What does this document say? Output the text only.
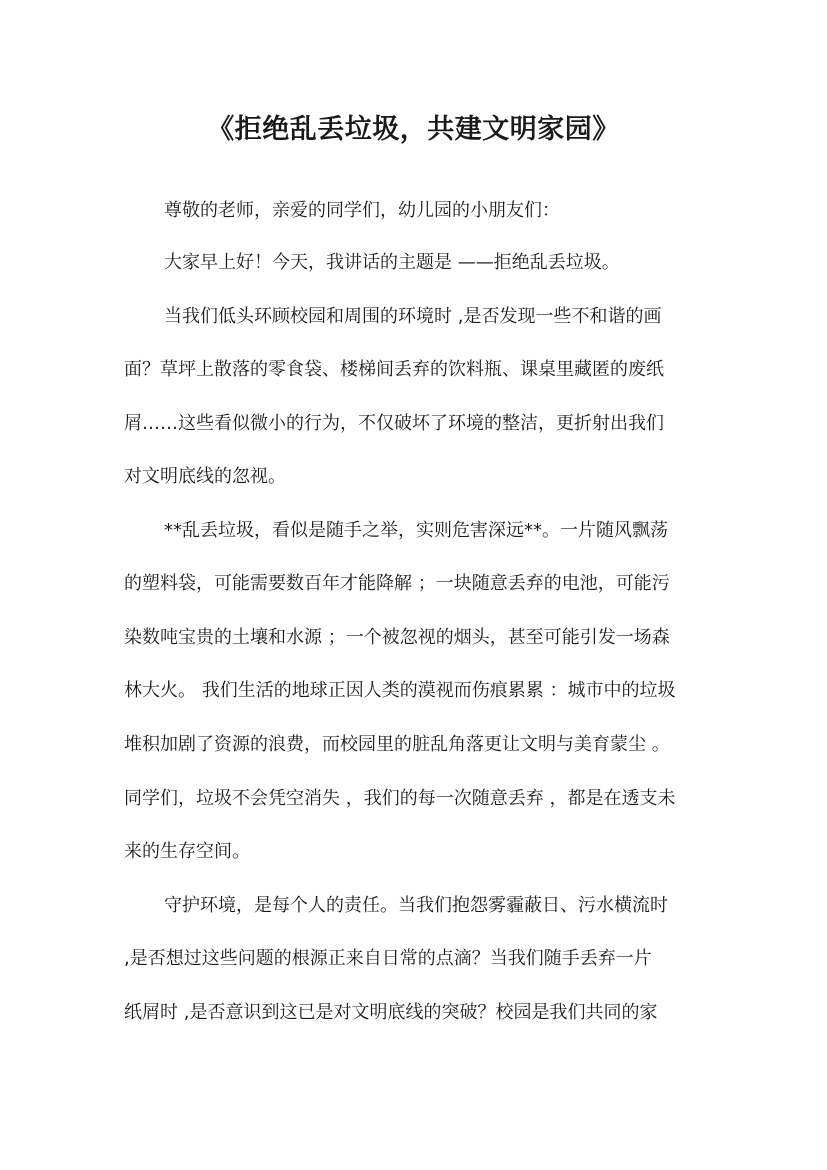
《拒绝乱丢垃圾，共建文明家园》

尊敬的老师，亲爱的同学们，幼儿园的小朋友们：

大家早上好！今天，我讲话的主题是 ——拒绝乱丢垃圾。

当我们低头环顾校园和周围的环境时 ,是否发现一些不和谐的画

面？草坪上散落的零食袋、楼梯间丢弃的饮料瓶、课桌里藏匿的废纸

屑……这些看似微小的行为，不仅破坏了环境的整洁，更折射出我们

对文明底线的忽视。

**乱丢垃圾，看似是随手之举，实则危害深远**。一片随风飘荡

的塑料袋，可能需要数百年才能降解 ；一块随意丢弃的电池，可能污

染数吨宝贵的土壤和水源 ；一个被忽视的烟头，甚至可能引发一场森

林大火。 我们生活的地球正因人类的漠视而伤痕累累 ：城市中的垃圾

堆积加剧了资源的浪费，而校园里的脏乱角落更让文明与美育蒙尘 。

同学们，垃圾不会凭空消失 ，我们的每一次随意丢弃 ，都是在透支未

来的生存空间。

守护环境，是每个人的责任。当我们抱怨雾霾蔽日、污水横流时

,是否想过这些问题的根源正来自日常的点滴？当我们随手丢弃一片

纸屑时 ,是否意识到这已是对文明底线的突破？校园是我们共同的家
